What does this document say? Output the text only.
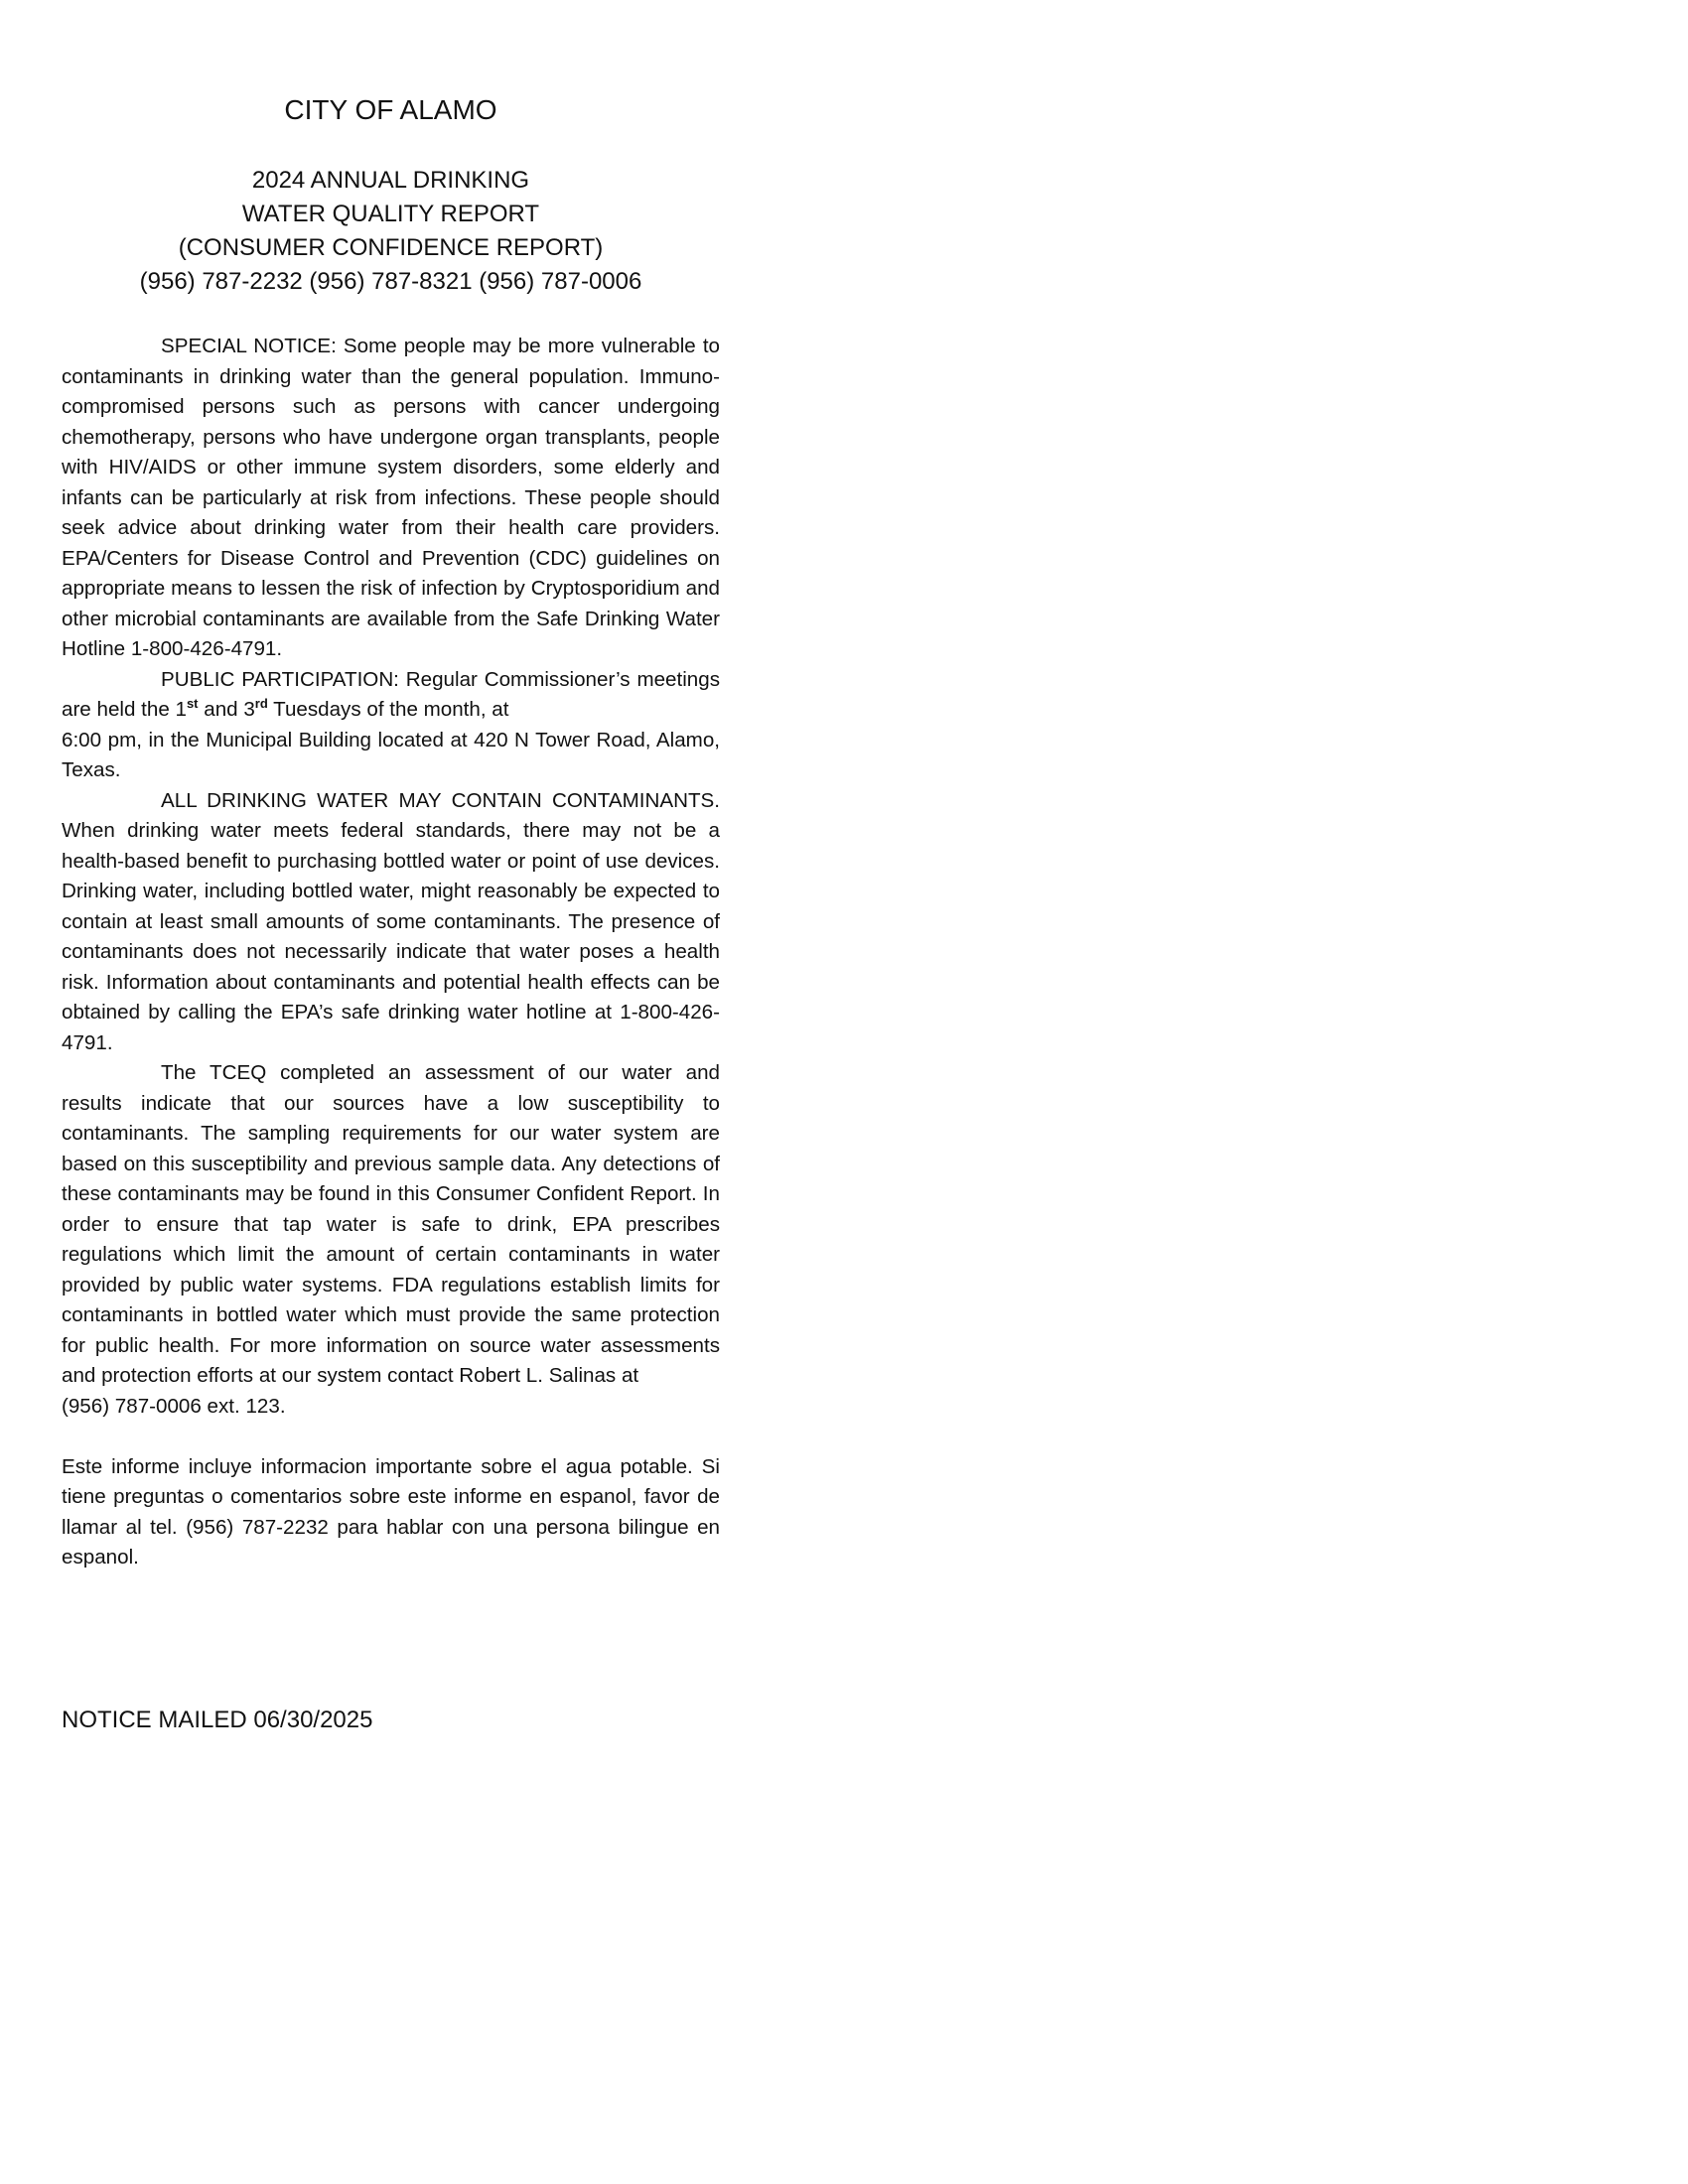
CITY OF ALAMO
2024 ANNUAL DRINKING
WATER QUALITY REPORT
(CONSUMER CONFIDENCE REPORT)
(956) 787-2232 (956) 787-8321 (956) 787-0006

SPECIAL NOTICE: Some people may be more vulnerable to contaminants in drinking water than the general population. Immuno-compromised persons such as persons with cancer undergoing chemotherapy, persons who have undergone organ transplants, people with HIV/AIDS or other immune system disorders, some elderly and infants can be particularly at risk from infections. These people should seek advice about drinking water from their health care providers. EPA/Centers for Disease Control and Prevention (CDC) guidelines on appropriate means to lessen the risk of infection by Cryptosporidium and other microbial contaminants are available from the Safe Drinking Water Hotline 1-800-426-4791.

PUBLIC PARTICIPATION: Regular Commissioner’s meetings are held the 1st and 3rd Tuesdays of the month, at

6:00 pm, in the Municipal Building located at 420 N Tower Road, Alamo, Texas.

ALL DRINKING WATER MAY CONTAIN CONTAMINANTS. When drinking water meets federal standards, there may not be a health-based benefit to purchasing bottled water or point of use devices. Drinking water, including bottled water, might reasonably be expected to contain at least small amounts of some contaminants. The presence of contaminants does not necessarily indicate that water poses a health risk. Information about contaminants and potential health effects can be obtained by calling the EPA’s safe drinking water hotline at 1-800-426-4791.

The TCEQ completed an assessment of our water and results indicate that our sources have a low susceptibility to contaminants. The sampling requirements for our water system are based on this susceptibility and previous sample data. Any detections of these contaminants may be found in this Consumer Confident Report. In order to ensure that tap water is safe to drink, EPA prescribes regulations which limit the amount of certain contaminants in water provided by public water systems. FDA regulations establish limits for contaminants in bottled water which must provide the same protection for public health. For more information on source water assessments and protection efforts at our system contact Robert L. Salinas at

(956) 787-0006 ext. 123.

Este informe incluye informacion importante sobre el agua potable. Si tiene preguntas o comentarios sobre este informe en espanol, favor de llamar al tel. (956) 787-2232 para hablar con una persona bilingue en espanol.

NOTICE MAILED 06/30/2025
